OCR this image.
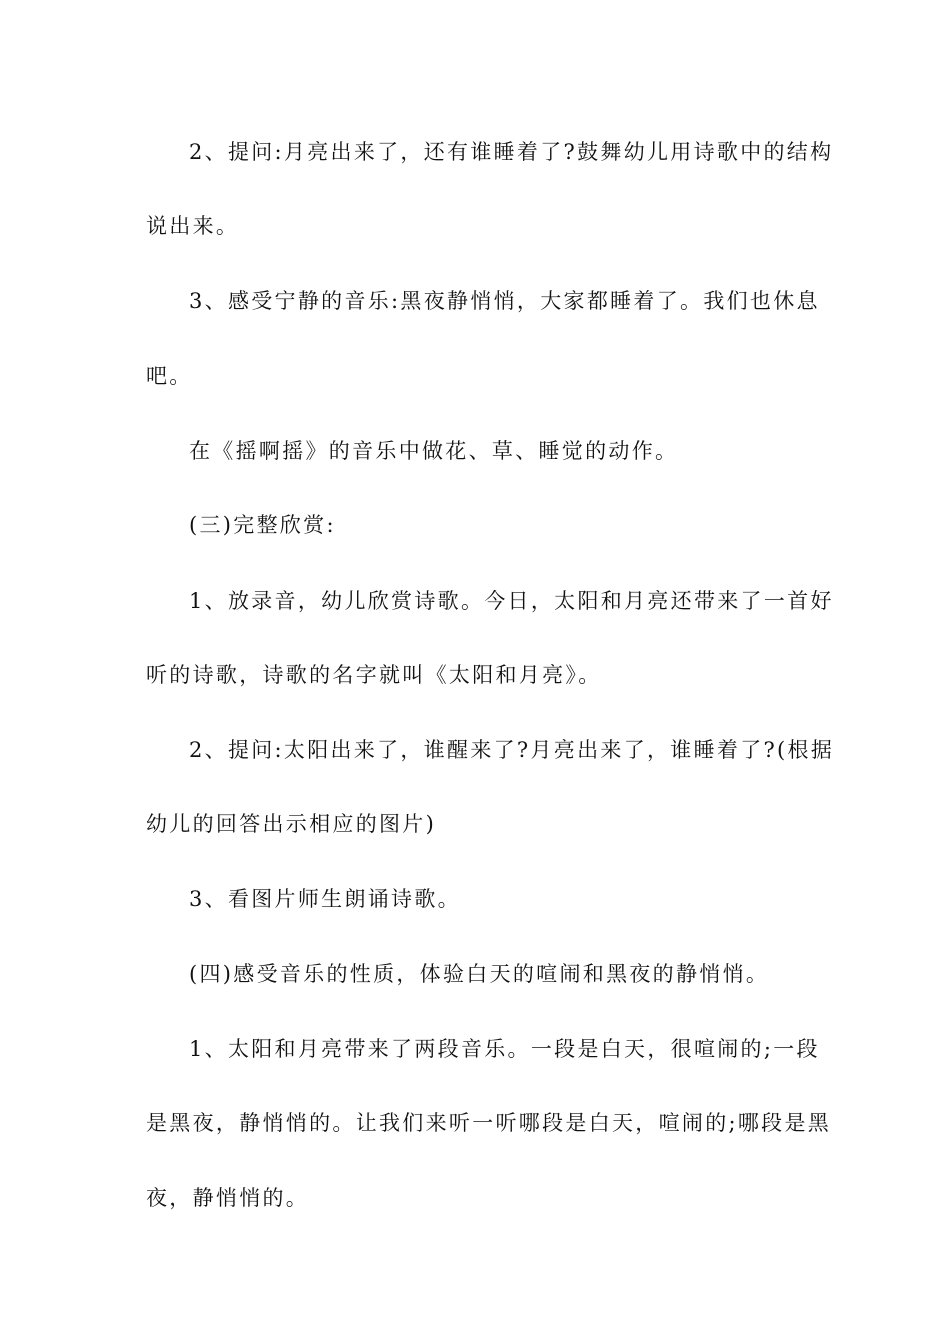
2、提问:月亮出来了，还有谁睡着了?鼓舞幼儿用诗歌中的结构
说出来。
3、感受宁静的音乐:黑夜静悄悄，大家都睡着了。我们也休息
吧。
在《摇啊摇》的音乐中做花、草、睡觉的动作。
(三)完整欣赏:
1、放录音，幼儿欣赏诗歌。今日，太阳和月亮还带来了一首好
听的诗歌，诗歌的名字就叫《太阳和月亮》。
2、提问:太阳出来了，谁醒来了?月亮出来了，谁睡着了?(根据
幼儿的回答出示相应的图片)
3、看图片师生朗诵诗歌。
(四)感受音乐的性质，体验白天的喧闹和黑夜的静悄悄。
1、太阳和月亮带来了两段音乐。一段是白天，很喧闹的;一段
是黑夜，静悄悄的。让我们来听一听哪段是白天，喧闹的;哪段是黑
夜，静悄悄的。
